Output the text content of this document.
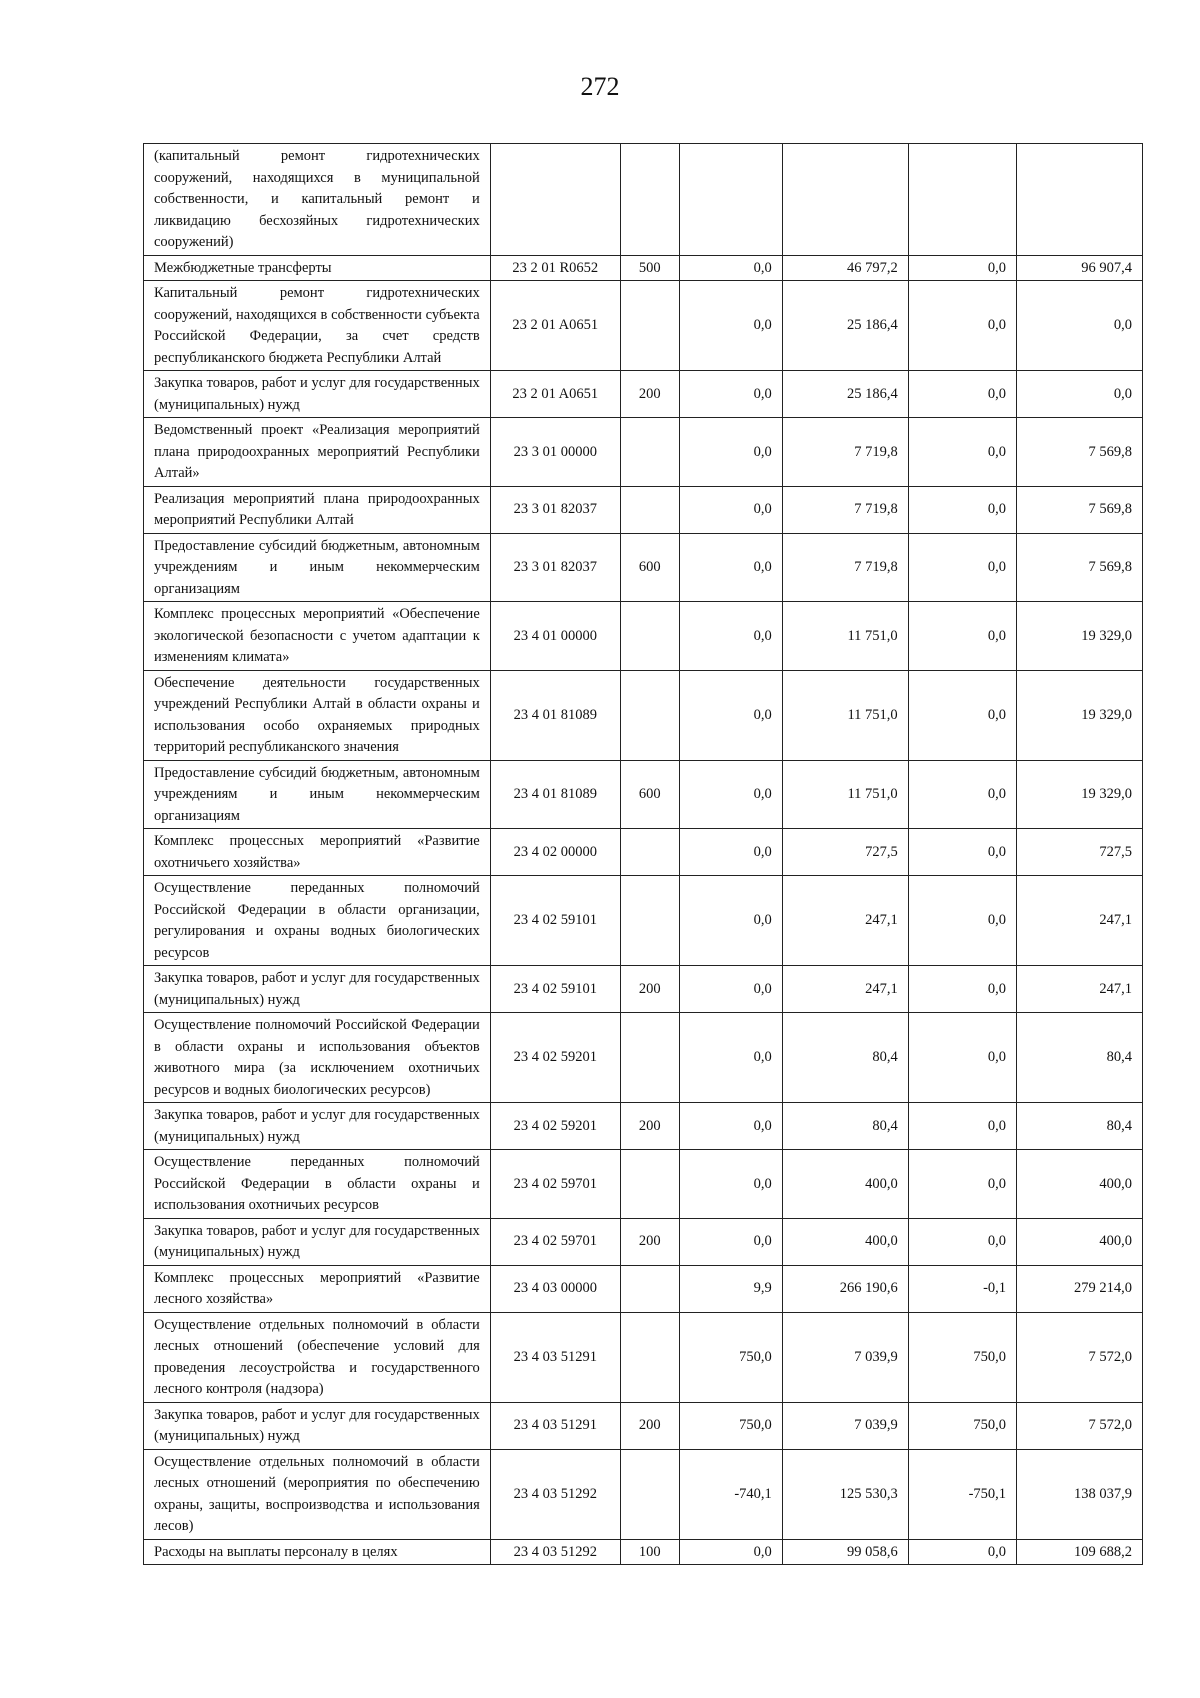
272
(капитальный ремонт гидротехнических сооружений, находящихся в муниципальной собственности, и капитальный ремонт и ликвидацию бесхозяйных гидротехнических сооружений)						
Межбюджетные трансферты	23 2 01 R0652	500	0,0	46 797,2	0,0	96 907,4
Капитальный ремонт гидротехнических сооружений, находящихся в собственности субъекта Российской Федерации, за счет средств республиканского бюджета Республики Алтай	23 2 01 A0651		0,0	25 186,4	0,0	0,0
Закупка товаров, работ и услуг для государственных (муниципальных) нужд	23 2 01 A0651	200	0,0	25 186,4	0,0	0,0
Ведомственный проект «Реализация мероприятий плана природоохранных мероприятий Республики Алтай»	23 3 01 00000		0,0	7 719,8	0,0	7 569,8
Реализация мероприятий плана природоохранных мероприятий Республики Алтай	23 3 01 82037		0,0	7 719,8	0,0	7 569,8
Предоставление субсидий бюджетным, автономным учреждениям и иным некоммерческим организациям	23 3 01 82037	600	0,0	7 719,8	0,0	7 569,8
Комплекс процессных мероприятий «Обеспечение экологической безопасности с учетом адаптации к изменениям климата»	23 4 01 00000		0,0	11 751,0	0,0	19 329,0
Обеспечение деятельности государственных учреждений Республики Алтай в области охраны и использования особо охраняемых природных территорий республиканского значения	23 4 01 81089		0,0	11 751,0	0,0	19 329,0
Предоставление субсидий бюджетным, автономным учреждениям и иным некоммерческим организациям	23 4 01 81089	600	0,0	11 751,0	0,0	19 329,0
Комплекс процессных мероприятий «Развитие охотничьего хозяйства»	23 4 02 00000		0,0	727,5	0,0	727,5
Осуществление переданных полномочий Российской Федерации в области организации, регулирования и охраны водных биологических ресурсов	23 4 02 59101		0,0	247,1	0,0	247,1
Закупка товаров, работ и услуг для государственных (муниципальных) нужд	23 4 02 59101	200	0,0	247,1	0,0	247,1
Осуществление полномочий Российской Федерации в области охраны и использования объектов животного мира (за исключением охотничьих ресурсов и водных биологических ресурсов)	23 4 02 59201		0,0	80,4	0,0	80,4
Закупка товаров, работ и услуг для государственных (муниципальных) нужд	23 4 02 59201	200	0,0	80,4	0,0	80,4
Осуществление переданных полномочий Российской Федерации в области охраны и использования охотничьих ресурсов	23 4 02 59701		0,0	400,0	0,0	400,0
Закупка товаров, работ и услуг для государственных (муниципальных) нужд	23 4 02 59701	200	0,0	400,0	0,0	400,0
Комплекс процессных мероприятий «Развитие лесного хозяйства»	23 4 03 00000		9,9	266 190,6	-0,1	279 214,0
Осуществление отдельных полномочий в области лесных отношений (обеспечение условий для проведения лесоустройства и государственного лесного контроля (надзора)	23 4 03 51291		750,0	7 039,9	750,0	7 572,0
Закупка товаров, работ и услуг для государственных (муниципальных) нужд	23 4 03 51291	200	750,0	7 039,9	750,0	7 572,0
Осуществление отдельных полномочий в области лесных отношений (мероприятия по обеспечению охраны, защиты, воспроизводства и использования лесов)	23 4 03 51292		-740,1	125 530,3	-750,1	138 037,9
Расходы на выплаты персоналу в целях	23 4 03 51292	100	0,0	99 058,6	0,0	109 688,2
